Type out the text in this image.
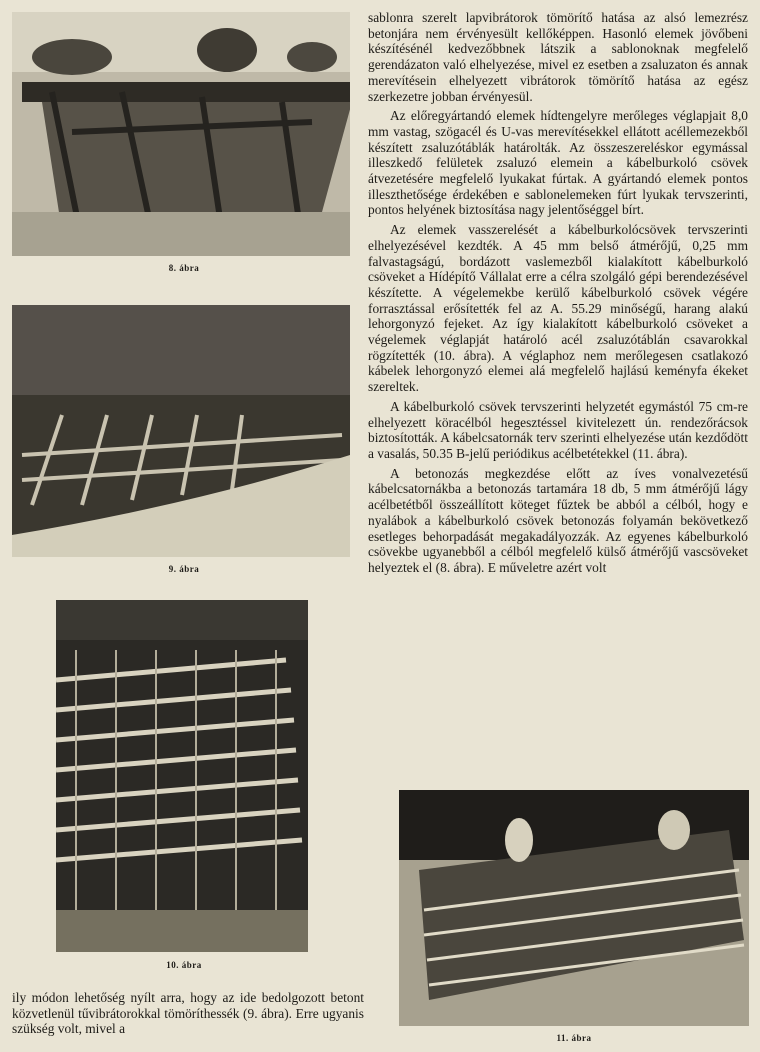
8. ábra
9. ábra
10. ábra
11. ábra

sablonra szerelt lapvibrátorok tömörítő hatása az alsó lemezrész betonjára nem érvényesült kellőképpen. Hasonló elemek jövőbeni készítésénél kedvezőbbnek látszik a sablonoknak megfelelő gerendázaton való elhelyezése, mivel ez esetben a zsaluzaton és annak merevítésein elhelyezett vibrátorok tömörítő hatása az egész szerkezetre jobban érvényesül.

Az előregyártandó elemek hídtengelyre merőleges véglapjait 8,0 mm vastag, szögacél és U-vas merevítésekkel ellátott acéllemezekből készített zsaluzótáblák határolták. Az összeszereléskor egymással illeszkedő felületek zsaluzó elemein a kábelburkoló csövek átvezetésére megfelelő lyukakat fúrtak. A gyártandó elemek pontos illeszthetősége érdekében e sablonelemeken fúrt lyukak tervszerinti, pontos helyének biztosítása nagy jelentőséggel bírt.

Az elemek vasszerelését a kábelburkolócsövek tervszerinti elhelyezésével kezdték. A 45 mm belső átmérőjű, 0,25 mm falvastagságú, bordázott vaslemezből kialakított kábelburkoló csöveket a Hídépítő Vállalat erre a célra szolgáló gépi berendezésével készítette. A végelemekbe kerülő kábelburkoló csövek végére forrasztással erősítették fel az A. 55.29 minőségű, harang alakú lehorgonyzó fejeket. Az így kialakított kábelburkoló csöveket a végelemek véglapját határoló acél zsaluzótáblán csavarokkal rögzítették (10. ábra). A véglaphoz nem merőlegesen csatlakozó kábelek lehorgonyzó elemei alá megfelelő hajlású keményfa ékeket szereltek.

A kábelburkoló csövek tervszerinti helyzetét egymástól 75 cm-re elhelyezett köracélból hegesztéssel kivitelezett ún. rendezőrácsok biztosították. A kábelcsatornák terv szerinti elhelyezése után kezdődött a vasalás, 50.35 B-jelű periódikus acélbetétekkel (11. ábra).

A betonozás megkezdése előtt az íves vonalvezetésű kábelcsatornákba a betonozás tartamára 18 db, 5 mm átmérőjű lágy acélbetétből összeállított köteget fűztek be abból a célból, hogy e nyalábok a kábelburkoló csövek betonozás folyamán bekövetkező esetleges behorpadását megakadályozzák. Az egyenes kábelburkoló csövekbe ugyanebből a célból megfelelő külső átmérőjű vascsöveket helyeztek el (8. ábra). E műveletre azért volt

ily módon lehetőség nyílt arra, hogy az ide bedolgozott betont közvetlenül tűvibrátorokkal tömöríthessék (9. ábra). Erre ugyanis szükség volt, mivel a
